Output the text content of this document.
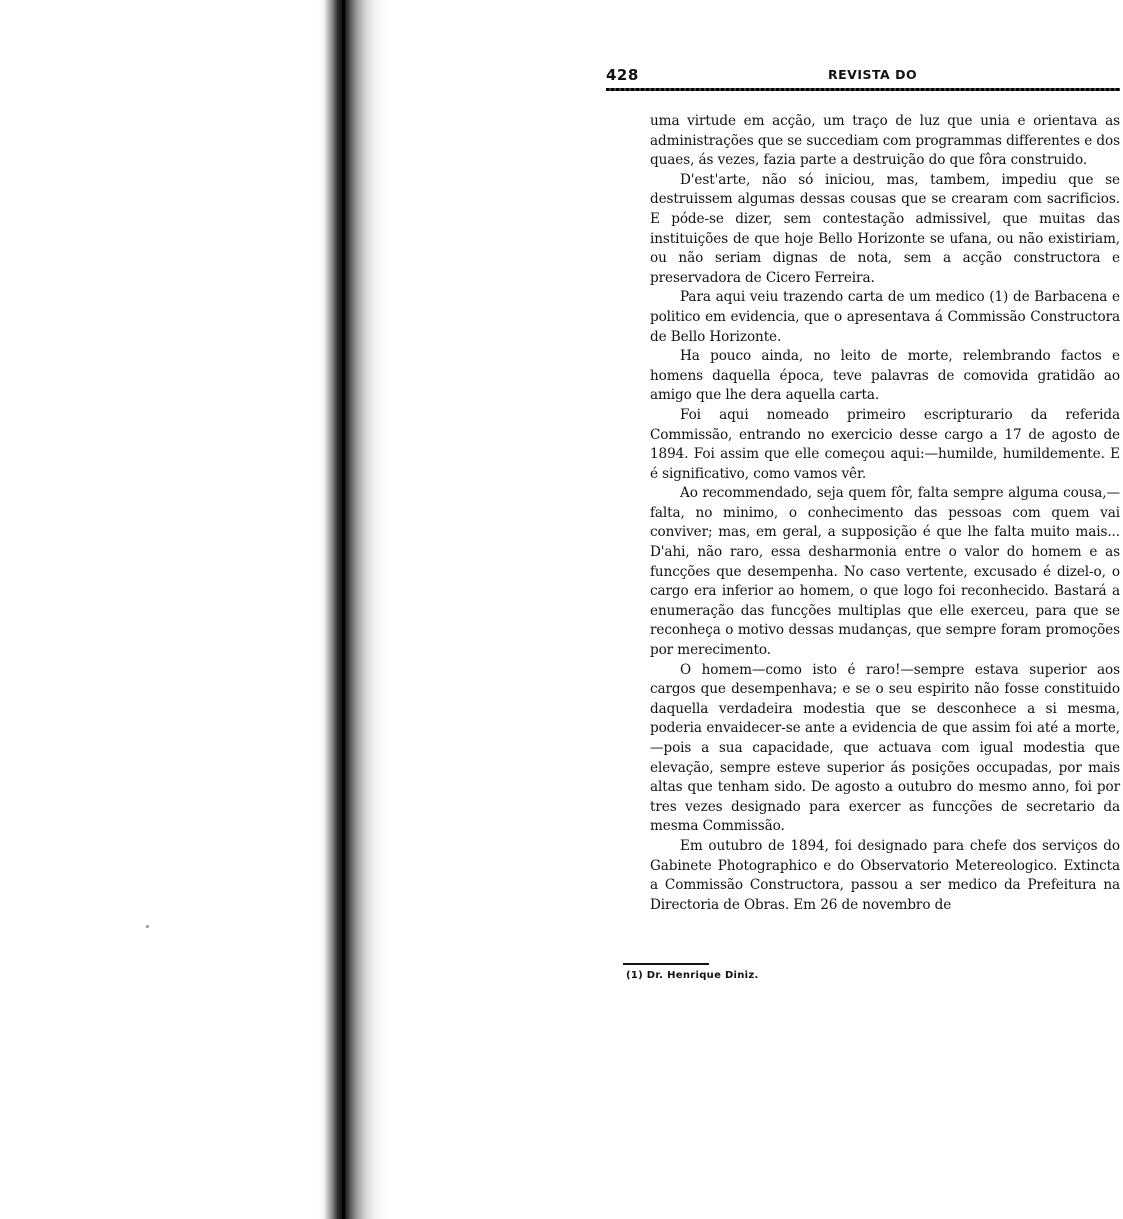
428	REVISTA DO

uma virtude em acção, um traço de luz que unia e orientava as administrações que se succediam com programmas differentes e dos quaes, ás vezes, fazia parte a destruição do que fôra construido.

D'est'arte, não só iniciou, mas, tambem, impediu que se destruissem algumas dessas cousas que se crearam com sacrificios. E póde-se dizer, sem contestação admissivel, que muitas das instituições de que hoje Bello Horizonte se ufana, ou não existiriam, ou não seriam dignas de nota, sem a acção constructora e preservadora de Cicero Ferreira.

Para aqui veiu trazendo carta de um medico (1) de Barbacena e politico em evidencia, que o apresentava á Commissão Constructora de Bello Horizonte.

Ha pouco ainda, no leito de morte, relembrando factos e homens daquella época, teve palavras de comovida gratidão ao amigo que lhe dera aquella carta.

Foi aqui nomeado primeiro escripturario da referida Commissão, entrando no exercicio desse cargo a 17 de agosto de 1894. Foi assim que elle começou aqui:—humilde, humildemente. E é significativo, como vamos vêr.

Ao recommendado, seja quem fôr, falta sempre alguma cousa,—falta, no minimo, o conhecimento das pessoas com quem vai conviver; mas, em geral, a supposição é que lhe falta muito mais... D'ahi, não raro, essa desharmonia entre o valor do homem e as funcções que desempenha. No caso vertente, excusado é dizel-o, o cargo era inferior ao homem, o que logo foi reconhecido. Bastará a enumeração das funcções multiplas que elle exerceu, para que se reconheça o motivo dessas mudanças, que sempre foram promoções por merecimento.

O homem—como isto é raro!—sempre estava superior aos cargos que desempenhava; e se o seu espirito não fosse constituido daquella verdadeira modestia que se desconhece a si mesma, poderia envaidecer-se ante a evidencia de que assim foi até a morte,—pois a sua capacidade, que actuava com igual modestia que elevação, sempre esteve superior ás posições occupadas, por mais altas que tenham sido. De agosto a outubro do mesmo anno, foi por tres vezes designado para exercer as funcções de secretario da mesma Commissão.

Em outubro de 1894, foi designado para chefe dos serviços do Gabinete Photographico e do Observatorio Metereologico. Extincta a Commissão Constructora, passou a ser medico da Prefeitura na Directoria de Obras. Em 26 de novembro de

(1) Dr. Henrique Diniz.
